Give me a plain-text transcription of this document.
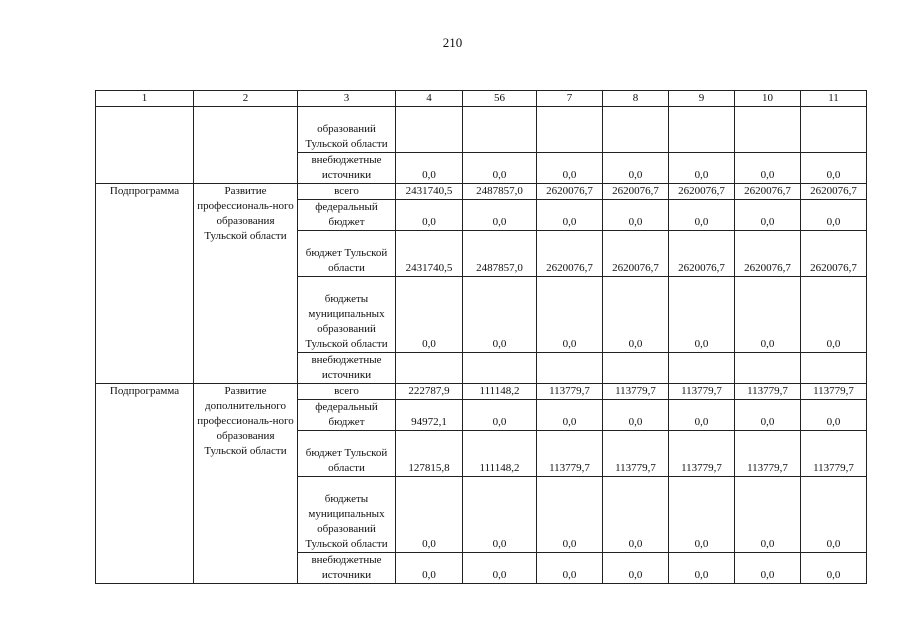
210
1	2	3	4	56	7	8	9	10	11
		образований Тульской области							
		внебюджетные источники	0,0	0,0	0,0	0,0	0,0	0,0	0,0
Подпрограмма	Развитие профессиональ-ного образования Тульской области	всего	2431740,5	2487857,0	2620076,7	2620076,7	2620076,7	2620076,7	2620076,7
		федеральный бюджет	0,0	0,0	0,0	0,0	0,0	0,0	0,0
		бюджет Тульской области	2431740,5	2487857,0	2620076,7	2620076,7	2620076,7	2620076,7	2620076,7
		бюджеты муниципальных образований Тульской области	0,0	0,0	0,0	0,0	0,0	0,0	0,0
		внебюджетные источники							
Подпрограмма	Развитие дополнительного профессиональ-ного образования Тульской области	всего	222787,9	111148,2	113779,7	113779,7	113779,7	113779,7	113779,7
		федеральный бюджет	94972,1	0,0	0,0	0,0	0,0	0,0	0,0
		бюджет Тульской области	127815,8	111148,2	113779,7	113779,7	113779,7	113779,7	113779,7
		бюджеты муниципальных образований Тульской области	0,0	0,0	0,0	0,0	0,0	0,0	0,0
		внебюджетные источники	0,0	0,0	0,0	0,0	0,0	0,0	0,0
